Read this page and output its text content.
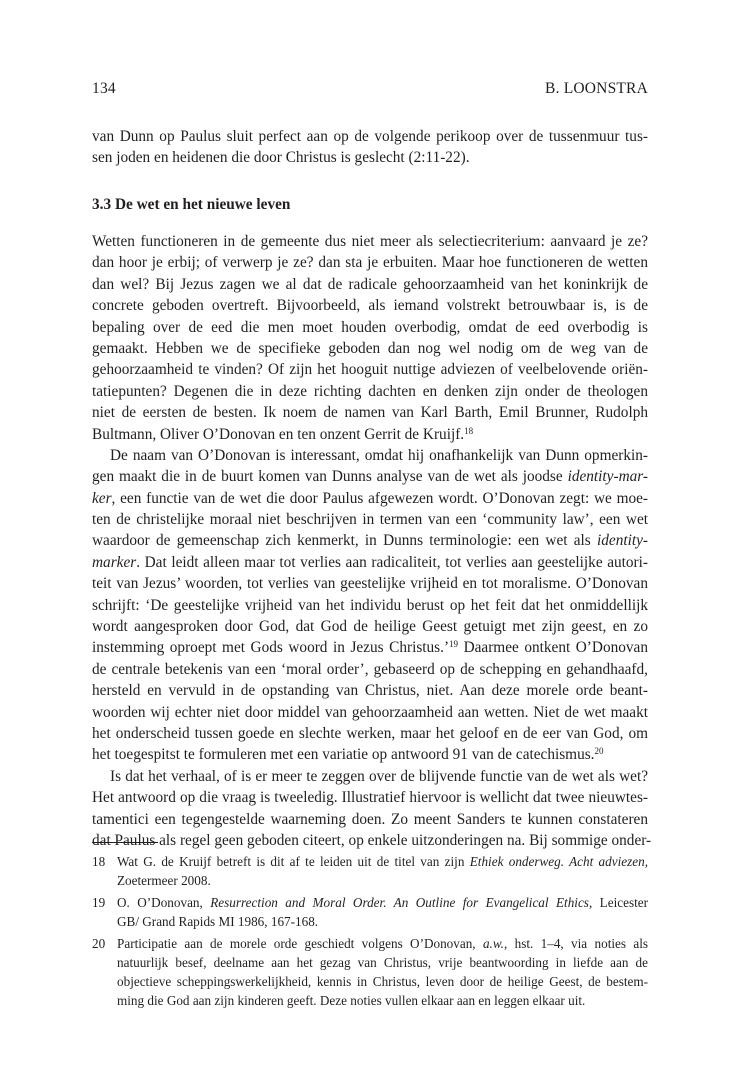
134	B. LOONSTRA
van Dunn op Paulus sluit perfect aan op de volgende perikoop over de tussenmuur tus-
sen joden en heidenen die door Christus is geslecht (2:11-22).
3.3 De wet en het nieuwe leven
Wetten functioneren in de gemeente dus niet meer als selectiecriterium: aanvaard je ze?
dan hoor je erbij; of verwerp je ze? dan sta je erbuiten. Maar hoe functioneren de wetten
dan wel? Bij Jezus zagen we al dat de radicale gehoorzaamheid van het koninkrijk de
concrete geboden overtreft. Bijvoorbeeld, als iemand volstrekt betrouwbaar is, is de
bepaling over de eed die men moet houden overbodig, omdat de eed overbodig is
gemaakt. Hebben we de specifieke geboden dan nog wel nodig om de weg van de
gehoorzaamheid te vinden? Of zijn het hooguit nuttige adviezen of veelbelovende oriën-
tatiepunten? Degenen die in deze richting dachten en denken zijn onder de theologen
niet de eersten de besten. Ik noem de namen van Karl Barth, Emil Brunner, Rudolph
Bultmann, Oliver O’Donovan en ten onzent Gerrit de Kruijf.$^{18}$
De naam van O’Donovan is interessant, omdat hij onafhankelijk van Dunn opmerkin-
gen maakt die in de buurt komen van Dunns analyse van de wet als joodse identity-mar-
ker, een functie van de wet die door Paulus afgewezen wordt. O’Donovan zegt: we moe-
ten de christelijke moraal niet beschrijven in termen van een ‘community law’, een wet
waardoor de gemeenschap zich kenmerkt, in Dunns terminologie: een wet als identity-
marker. Dat leidt alleen maar tot verlies aan radicaliteit, tot verlies aan geestelijke autori-
teit van Jezus’ woorden, tot verlies van geestelijke vrijheid en tot moralisme. O’Donovan
schrijft: ‘De geestelijke vrijheid van het individu berust op het feit dat het onmiddellijk
wordt aangesproken door God, dat God de heilige Geest getuigt met zijn geest, en zo
instemming oproept met Gods woord in Jezus Christus.’$^{19}$ Daarmee ontkent O’Donovan
de centrale betekenis van een ‘moral order’, gebaseerd op de schepping en gehandhaafd,
hersteld en vervuld in de opstanding van Christus, niet. Aan deze morele orde beant-
woorden wij echter niet door middel van gehoorzaamheid aan wetten. Niet de wet maakt
het onderscheid tussen goede en slechte werken, maar het geloof en de eer van God, om
het toegespitst te formuleren met een variatie op antwoord 91 van de catechismus.$^{20}$
Is dat het verhaal, of is er meer te zeggen over de blijvende functie van de wet als wet?
Het antwoord op die vraag is tweeledig. Illustratief hiervoor is wellicht dat twee nieuwtes-
tamentici een tegengestelde waarneming doen. Zo meent Sanders te kunnen constateren
dat Paulus als regel geen geboden citeert, op enkele uitzonderingen na. Bij sommige onder-
18 Wat G. de Kruijf betreft is dit af te leiden uit de titel van zijn Ethiek onderweg. Acht adviezen,
Zoetermeer 2008.
19 O. O’Donovan, Resurrection and Moral Order. An Outline for Evangelical Ethics, Leicester
GB/ Grand Rapids MI 1986, 167-168.
20 Participatie aan de morele orde geschiedt volgens O’Donovan, a.w., hst. 1–4, via noties als
natuurlijk besef, deelname aan het gezag van Christus, vrije beantwoording in liefde aan de
objectieve scheppingswerkelijkheid, kennis in Christus, leven door de heilige Geest, de bestem-
ming die God aan zijn kinderen geeft. Deze noties vullen elkaar aan en leggen elkaar uit.
